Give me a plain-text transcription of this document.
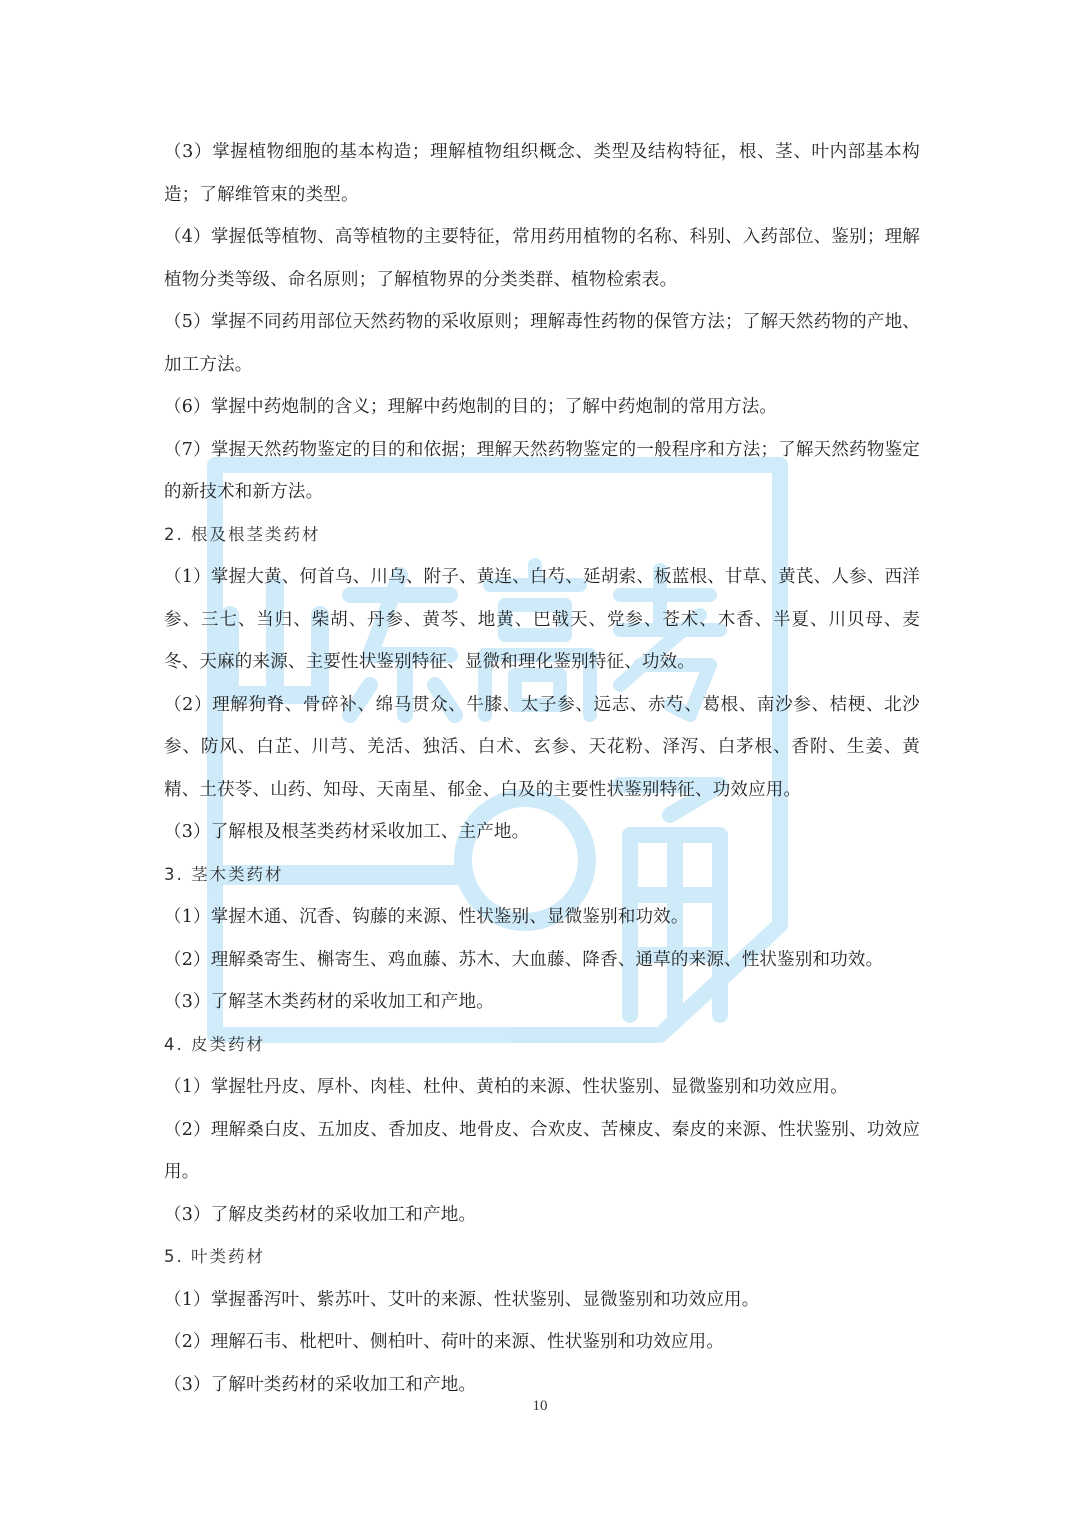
（3）掌握植物细胞的基本构造；理解植物组织概念、类型及结构特征，根、茎、叶内部基本构造；了解维管束的类型。

（4）掌握低等植物、高等植物的主要特征，常用药用植物的名称、科别、入药部位、鉴别；理解植物分类等级、命名原则；了解植物界的分类类群、植物检索表。

（5）掌握不同药用部位天然药物的采收原则；理解毒性药物的保管方法；了解天然药物的产地、加工方法。

（6）掌握中药炮制的含义；理解中药炮制的目的；了解中药炮制的常用方法。

（7）掌握天然药物鉴定的目的和依据；理解天然药物鉴定的一般程序和方法；了解天然药物鉴定的新技术和新方法。

2. 根及根茎类药材

（1）掌握大黄、何首乌、川乌、附子、黄连、白芍、延胡索、板蓝根、甘草、黄芪、人参、西洋参、三七、当归、柴胡、丹参、黄芩、地黄、巴戟天、党参、苍术、木香、半夏、川贝母、麦冬、天麻的来源、主要性状鉴别特征、显微和理化鉴别特征、功效。

（2）理解狗脊、骨碎补、绵马贯众、牛膝、太子参、远志、赤芍、葛根、南沙参、桔梗、北沙参、防风、白芷、川芎、羌活、独活、白术、玄参、天花粉、泽泻、白茅根、香附、生姜、黄精、土茯苓、山药、知母、天南星、郁金、白及的主要性状鉴别特征、功效应用。

（3）了解根及根茎类药材采收加工、主产地。

3. 茎木类药材

（1）掌握木通、沉香、钩藤的来源、性状鉴别、显微鉴别和功效。

（2）理解桑寄生、槲寄生、鸡血藤、苏木、大血藤、降香、通草的来源、性状鉴别和功效。

（3）了解茎木类药材的采收加工和产地。

4. 皮类药材

（1）掌握牡丹皮、厚朴、肉桂、杜仲、黄柏的来源、性状鉴别、显微鉴别和功效应用。

（2）理解桑白皮、五加皮、香加皮、地骨皮、合欢皮、苦楝皮、秦皮的来源、性状鉴别、功效应用。

（3）了解皮类药材的采收加工和产地。

5. 叶类药材

（1）掌握番泻叶、紫苏叶、艾叶的来源、性状鉴别、显微鉴别和功效应用。

（2）理解石韦、枇杷叶、侧柏叶、荷叶的来源、性状鉴别和功效应用。

（3）了解叶类药材的采收加工和产地。

10
